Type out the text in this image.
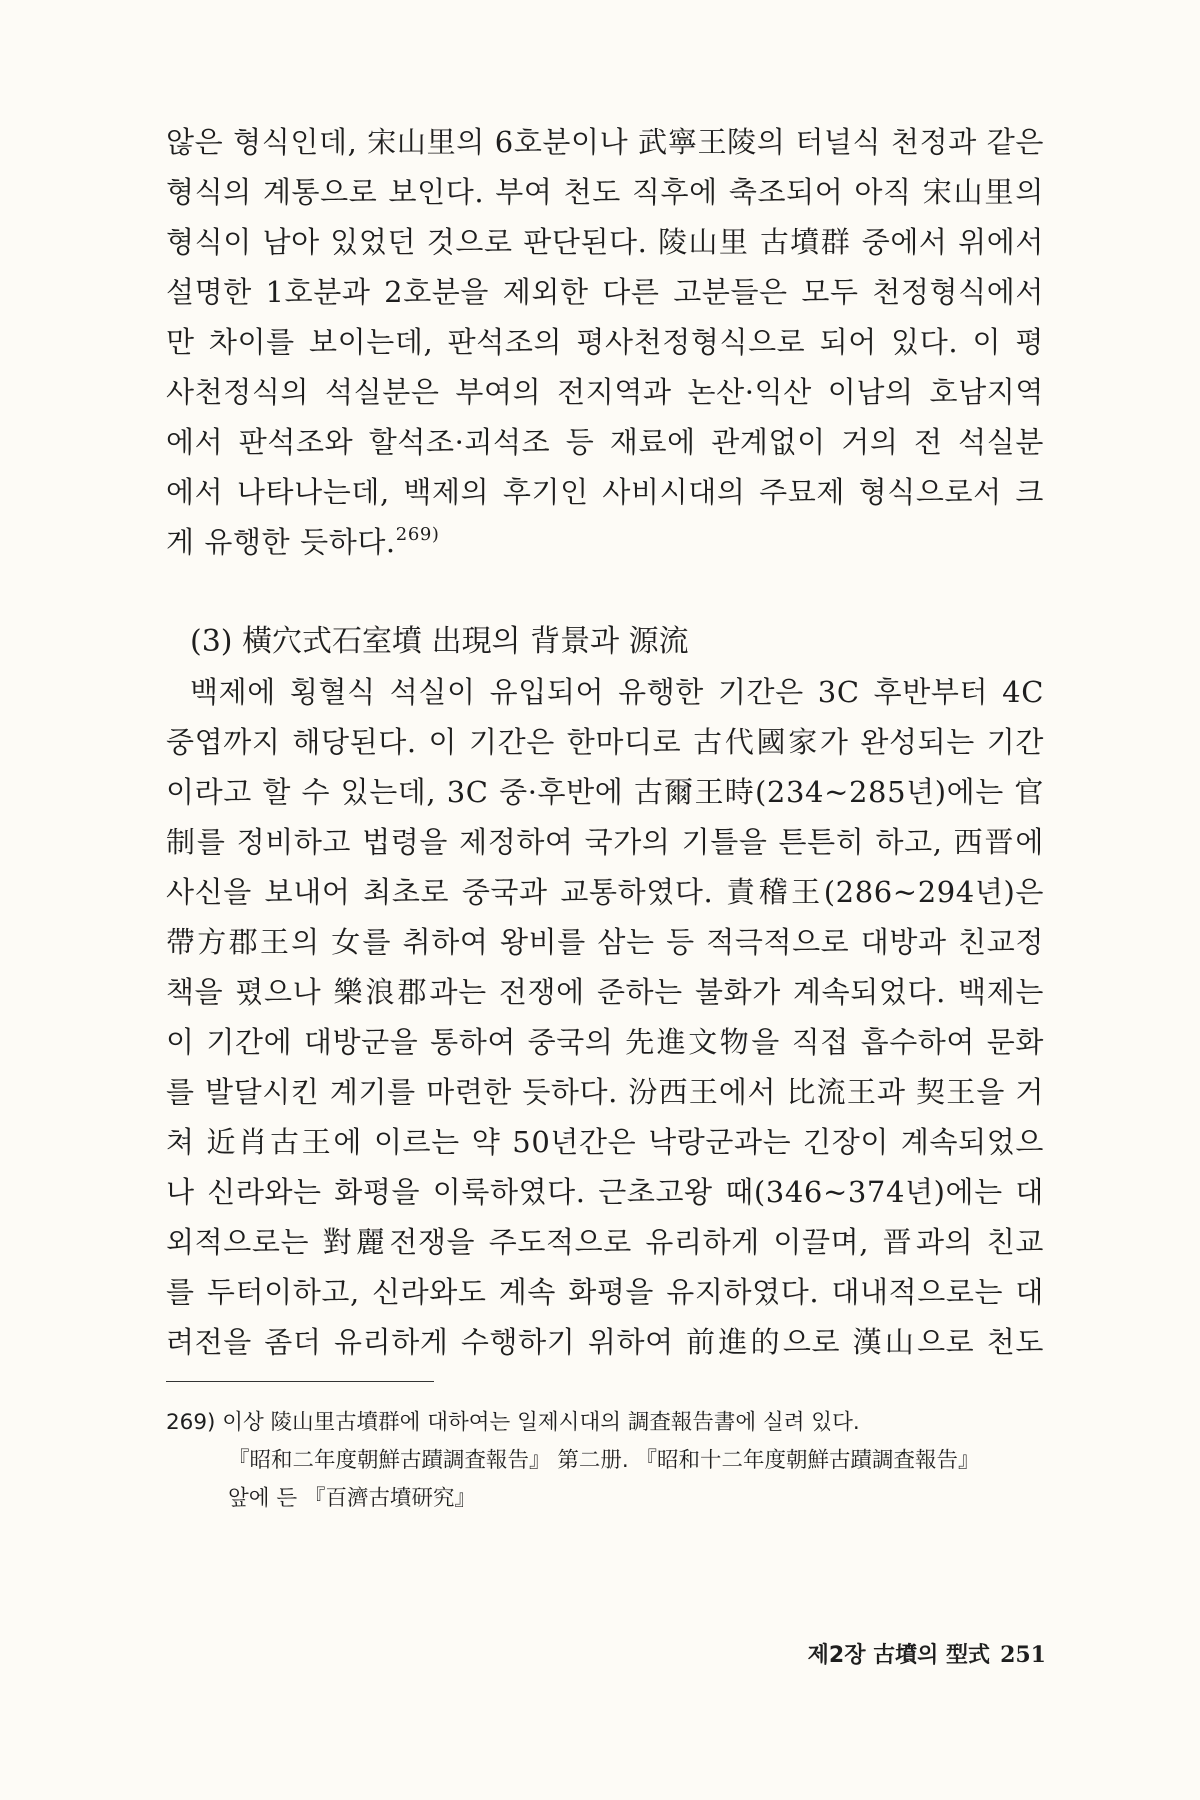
않은 형식인데, 宋山里의 6호분이나 武寧王陵의 터널식 천정과 같은
형식의 계통으로 보인다. 부여 천도 직후에 축조되어 아직 宋山里의
형식이 남아 있었던 것으로 판단된다. 陵山里 古墳群 중에서 위에서
설명한 1호분과 2호분을 제외한 다른 고분들은 모두 천정형식에서
만 차이를 보이는데, 판석조의 평사천정형식으로 되어 있다. 이 평
사천정식의 석실분은 부여의 전지역과 논산·익산 이남의 호남지역
에서 판석조와 할석조·괴석조 등 재료에 관계없이 거의 전 석실분
에서 나타나는데, 백제의 후기인 사비시대의 주묘제 형식으로서 크
게 유행한 듯하다.$^{269)}$
(3) 橫穴式石室墳 出現의 背景과 源流
백제에 횡혈식 석실이 유입되어 유행한 기간은 3C 후반부터 4C
중엽까지 해당된다. 이 기간은 한마디로 古代國家가 완성되는 기간
이라고 할 수 있는데, 3C 중·후반에 古爾王時(234~285년)에는 官
制를 정비하고 법령을 제정하여 국가의 기틀을 튼튼히 하고, 西晋에
사신을 보내어 최초로 중국과 교통하였다. 責稽王(286~294년)은
帶方郡王의 女를 취하여 왕비를 삼는 등 적극적으로 대방과 친교정
책을 폈으나 樂浪郡과는 전쟁에 준하는 불화가 계속되었다. 백제는
이 기간에 대방군을 통하여 중국의 先進文物을 직접 흡수하여 문화
를 발달시킨 계기를 마련한 듯하다. 汾西王에서 比流王과 契王을 거
쳐 近肖古王에 이르는 약 50년간은 낙랑군과는 긴장이 계속되었으
나 신라와는 화평을 이룩하였다. 근초고왕 때(346~374년)에는 대
외적으로는 對麗전쟁을 주도적으로 유리하게 이끌며, 晋과의 친교
를 두터이하고, 신라와도 계속 화평을 유지하였다. 대내적으로는 대
려전을 좀더 유리하게 수행하기 위하여 前進的으로 漢山으로 천도
269) 이상 陵山里古墳群에 대하여는 일제시대의 調査報告書에 실려 있다.
『昭和二年度朝鮮古蹟調査報告』 第二册. 『昭和十二年度朝鮮古蹟調査報告』
앞에 든 『百濟古墳研究』
제2장 古墳의 型式 251
